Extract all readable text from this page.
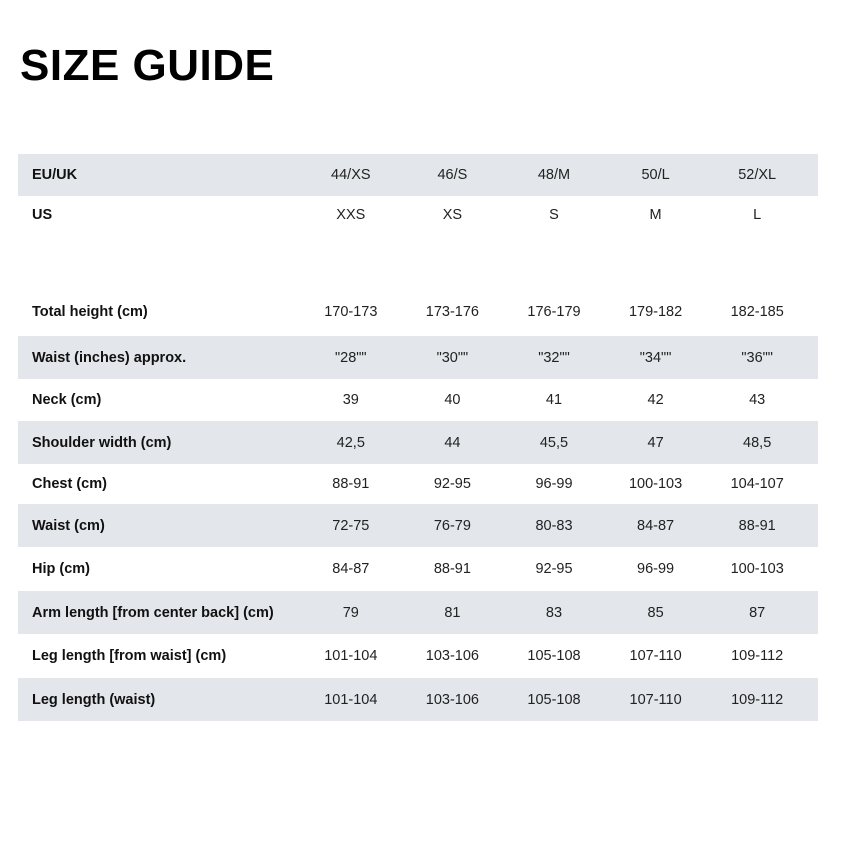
SIZE GUIDE
EU/UK	44/XS	46/S	48/M	50/L	52/XL
US	XXS	XS	S	M	L
Total height (cm)	170-173	173-176	176-179	179-182	182-185
Waist (inches) approx.	"28""	"30""	"32""	"34""	"36""
Neck (cm)	39	40	41	42	43
Shoulder width (cm)	42,5	44	45,5	47	48,5
Chest (cm)	88-91	92-95	96-99	100-103	104-107
Waist (cm)	72-75	76-79	80-83	84-87	88-91
Hip (cm)	84-87	88-91	92-95	96-99	100-103
Arm length [from center back] (cm)	79	81	83	85	87
Leg length [from waist] (cm)	101-104	103-106	105-108	107-110	109-112
Leg length (waist)	101-104	103-106	105-108	107-110	109-112
